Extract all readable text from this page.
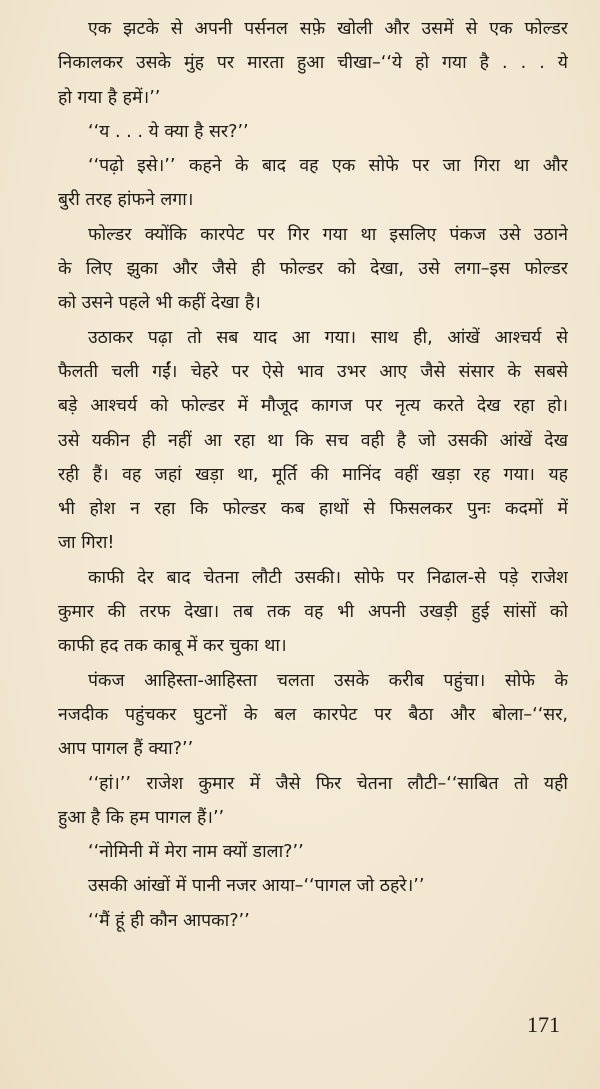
एक झटके से अपनी पर्सनल सफ़े खोली और उसमें से एक फोल्डर
निकालकर उसके मुंह पर मारता हुआ चीखा–‘‘ये हो गया है . . . ये
हो गया है हमें।’’
‘‘य . . . ये क्या है सर?’’
‘‘पढ़ो इसे।’’ कहने के बाद वह एक सोफे पर जा गिरा था और
बुरी तरह हांफने लगा।
फोल्डर क्योंकि कारपेट पर गिर गया था इसलिए पंकज उसे उठाने
के लिए झुका और जैसे ही फोल्डर को देखा, उसे लगा–इस फोल्डर
को उसने पहले भी कहीं देखा है।
उठाकर पढ़ा तो सब याद आ गया। साथ ही, आंखें आश्चर्य से
फैलती चली गईं। चेहरे पर ऐसे भाव उभर आए जैसे संसार के सबसे
बड़े आश्चर्य को फोल्डर में मौजूद कागज पर नृत्य करते देख रहा हो।
उसे यकीन ही नहीं आ रहा था कि सच वही है जो उसकी आंखें देख
रही हैं। वह जहां खड़ा था, मूर्ति की मानिंद वहीं खड़ा रह गया। यह
भी होश न रहा कि फोल्डर कब हाथों से फिसलकर पुनः कदमों में
जा गिरा!
काफी देर बाद चेतना लौटी उसकी। सोफे पर निढाल-से पड़े राजेश
कुमार की तरफ देखा। तब तक वह भी अपनी उखड़ी हुई सांसों को
काफी हद तक काबू में कर चुका था।
पंकज आहिस्ता-आहिस्ता चलता उसके करीब पहुंचा। सोफे के
नजदीक पहुंचकर घुटनों के बल कारपेट पर बैठा और बोला–‘‘सर,
आप पागल हैं क्या?’’
‘‘हां।’’ राजेश कुमार में जैसे फिर चेतना लौटी–‘‘साबित तो यही
हुआ है कि हम पागल हैं।’’
‘‘नोमिनी में मेरा नाम क्यों डाला?’’
उसकी आंखों में पानी नजर आया–‘‘पागल जो ठहरे।’’
‘‘मैं हूं ही कौन आपका?’’
171
